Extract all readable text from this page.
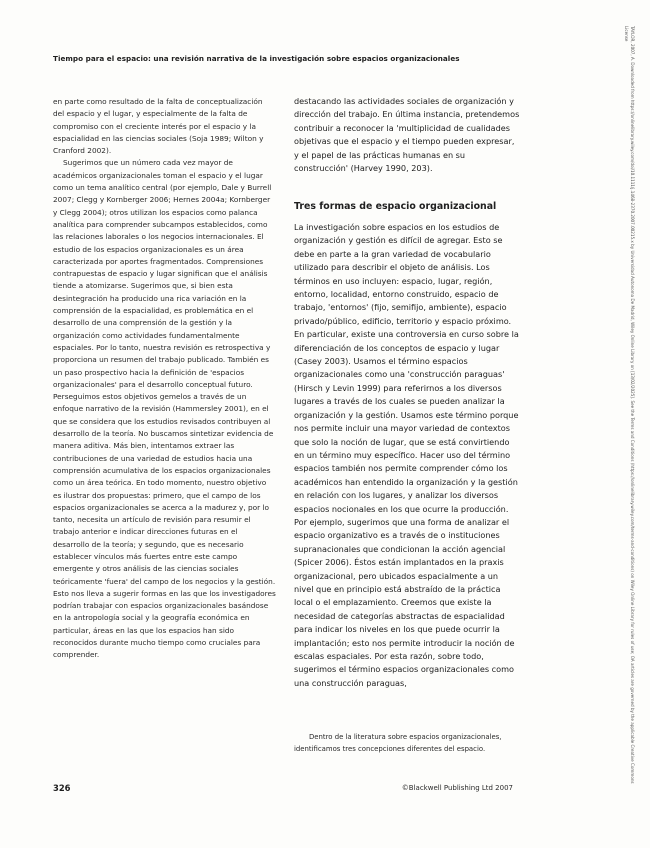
Tiempo para el espacio: una revisión narrativa de la investigación sobre espacios organizacionales	TAYLOR, 2007, A. Downloaded from https://onlinelibrary.wiley.com/doi/10.1111/j.1468-2370.2007.00215.x by Universidad Autonoma De Madrid, Wiley Online Library on [13/02/2025]. See the Terms and Conditions (https://onlinelibrary.wiley.com/terms-and-conditions) on Wiley Online Library for rules of use; OA articles are governed by the applicable Creative Commons License

en parte como resultado de la falta de conceptualización del espacio y el lugar, y especialmente de la falta de compromiso con el creciente interés por el espacio y la espacialidad en las ciencias sociales (Soja 1989; Wilton y Cranford 2002).

Sugerimos que un número cada vez mayor de académicos organizacionales toman el espacio y el lugar como un tema analítico central (por ejemplo, Dale y Burrell 2007; Clegg y Kornberger 2006; Hernes 2004a; Kornberger y Clegg 2004); otros utilizan los espacios como palanca analítica para comprender subcampos establecidos, como las relaciones laborales o los negocios internacionales. El estudio de los espacios organizacionales es un área caracterizada por aportes fragmentados. Comprensiones contrapuestas de espacio y lugar significan que el análisis tiende a atomizarse. Sugerimos que, si bien esta desintegración ha producido una rica variación en la comprensión de la espacialidad, es problemática en el desarrollo de una comprensión de la gestión y la organización como actividades fundamentalmente espaciales. Por lo tanto, nuestra revisión es retrospectiva y proporciona un resumen del trabajo publicado. También es un paso prospectivo hacia la definición de 'espacios organizacionales' para el desarrollo conceptual futuro. Perseguimos estos objetivos gemelos a través de un enfoque narrativo de la revisión (Hammersley 2001), en el que se considera que los estudios revisados contribuyen al desarrollo de la teoría. No buscamos sintetizar evidencia de manera aditiva. Más bien, intentamos extraer las contribuciones de una variedad de estudios hacia una comprensión acumulativa de los espacios organizacionales como un área teórica. En todo momento, nuestro objetivo es ilustrar dos propuestas: primero, que el campo de los espacios organizacionales se acerca a la madurez y, por lo tanto, necesita un artículo de revisión para resumir el trabajo anterior e indicar direcciones futuras en el desarrollo de la teoría; y segundo, que es necesario establecer vínculos más fuertes entre este campo emergente y otros análisis de las ciencias sociales teóricamente 'fuera' del campo de los negocios y la gestión. Esto nos lleva a sugerir formas en las que los investigadores podrían trabajar con espacios organizacionales basándose en la antropología social y la geografía económica en particular, áreas en las que los espacios han sido reconocidos durante mucho tiempo como cruciales para comprender.

destacando las actividades sociales de organización y dirección del trabajo. En última instancia, pretendemos contribuir a reconocer la 'multiplicidad de cualidades objetivas que el espacio y el tiempo pueden expresar, y el papel de las prácticas humanas en su construcción' (Harvey 1990, 203).

Tres formas de espacio organizacional

La investigación sobre espacios en los estudios de organización y gestión es difícil de agregar. Esto se debe en parte a la gran variedad de vocabulario utilizado para describir el objeto de análisis. Los términos en uso incluyen: espacio, lugar, región, entorno, localidad, entorno construido, espacio de trabajo, 'entornos' (fijo, semifijo, ambiente), espacio privado/público, edificio, territorio y espacio próximo. En particular, existe una controversia en curso sobre la diferenciación de los conceptos de espacio y lugar (Casey 2003). Usamos el término espacios organizacionales como una 'construcción paraguas' (Hirsch y Levin 1999) para referirnos a los diversos lugares a través de los cuales se pueden analizar la organización y la gestión. Usamos este término porque nos permite incluir una mayor variedad de contextos que solo la noción de lugar, que se está convirtiendo en un término muy específico. Hacer uso del término espacios también nos permite comprender cómo los académicos han entendido la organización y la gestión en relación con los lugares, y analizar los diversos espacios nocionales en los que ocurre la producción. Por ejemplo, sugerimos que una forma de analizar el espacio organizativo es a través de o instituciones supranacionales que condicionan la acción agencial (Spicer 2006). Éstos están implantados en la praxis organizacional, pero ubicados espacialmente a un nivel que en principio está abstraído de la práctica local o el emplazamiento. Creemos que existe la necesidad de categorías abstractas de espacialidad para indicar los niveles en los que puede ocurrir la implantación; esto nos permite introducir la noción de escalas espaciales. Por esta razón, sobre todo, sugerimos el término espacios organizacionales como una construcción paraguas,

Dentro de la literatura sobre espacios organizacionales, identificamos tres concepciones diferentes del espacio.
326	©Blackwell Publishing Ltd 2007
